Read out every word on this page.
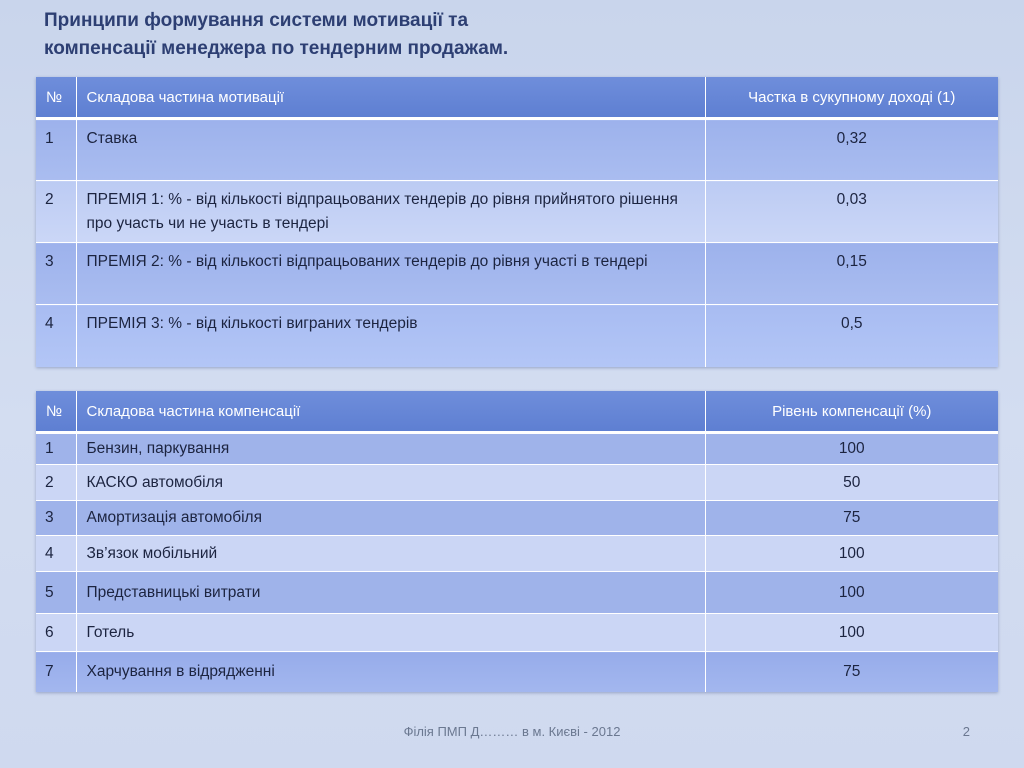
Принципи формування системи мотивації та
компенсації менеджера по тендерним продажам.
№	Складова частина мотивації	Частка в сукупному доході (1)
1	Ставка	0,32
2	ПРЕМІЯ 1: % - від кількості відпрацьованих тендерів до рівня прийнятого рішення про участь чи не участь в тендері	0,03
3	ПРЕМІЯ 2: % - від кількості відпрацьованих тендерів до рівня участі в тендері	0,15
4	ПРЕМІЯ 3: % - від кількості виграних тендерів	0,5
№	Складова частина компенсації	Рівень компенсації (%)
1	Бензин, паркування	100
2	КАСКО автомобіля	50
3	Амортизація автомобіля	75
4	Зв’язок мобільний	100
5	Представницькі витрати	100
6	Готель	100
7	Харчування в відрядженні	75
Філія ПМП Д……… в м. Києві - 2012	2
